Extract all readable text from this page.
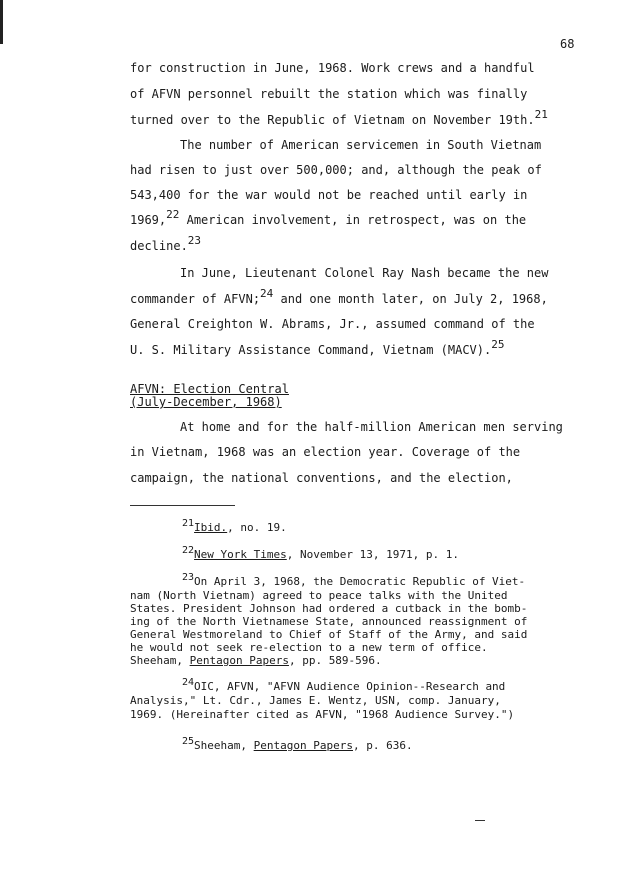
68
for construction in June, 1968. Work crews and a handful
of AFVN personnel rebuilt the station which was finally
turned over to the Republic of Vietnam on November 19th.21
The number of American servicemen in South Vietnam
had risen to just over 500,000; and, although the peak of
543,400 for the war would not be reached until early in
1969,22 American involvement, in retrospect, was on the
decline.23
In June, Lieutenant Colonel Ray Nash became the new
commander of AFVN;24 and one month later, on July 2, 1968,
General Creighton W. Abrams, Jr., assumed command of the
U. S. Military Assistance Command, Vietnam (MACV).25
AFVN: Election Central
(July-December, 1968)
At home and for the half-million American men serving
in Vietnam, 1968 was an election year. Coverage of the
campaign, the national conventions, and the election,
21Ibid., no. 19.
22New York Times, November 13, 1971, p. 1.
23On April 3, 1968, the Democratic Republic of Viet-
nam (North Vietnam) agreed to peace talks with the United
States. President Johnson had ordered a cutback in the bomb-
ing of the North Vietnamese State, announced reassignment of
General Westmoreland to Chief of Staff of the Army, and said
he would not seek re-election to a new term of office.
Sheeham, Pentagon Papers, pp. 589-596.
24OIC, AFVN, "AFVN Audience Opinion--Research and
Analysis," Lt. Cdr., James E. Wentz, USN, comp. January,
1969. (Hereinafter cited as AFVN, "1968 Audience Survey.")
25Sheeham, Pentagon Papers, p. 636.
